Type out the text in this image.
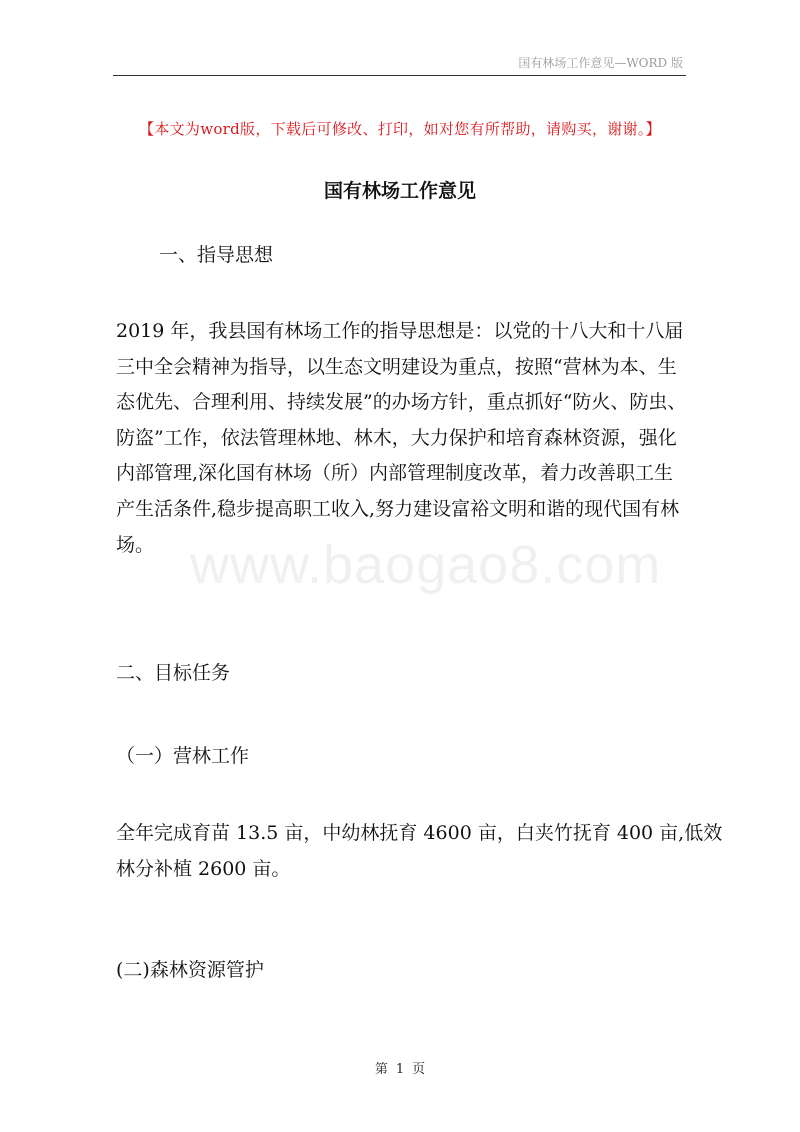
国有林场工作意见—WORD 版
【本文为word版，下载后可修改、打印，如对您有所帮助，请购买，谢谢。】
国有林场工作意见
一、指导思想
2019 年，我县国有林场工作的指导思想是：以党的十八大和十八届
三中全会精神为指导，以生态文明建设为重点，按照“营林为本、生
态优先、合理利用、持续发展”的办场方针，重点抓好“防火、防虫、
防盗”工作，依法管理林地、林木，大力保护和培育森林资源，强化
内部管理,深化国有林场（所）内部管理制度改革，着力改善职工生
产生活条件,稳步提高职工收入,努力建设富裕文明和谐的现代国有林
场。
二、目标任务
（一）营林工作
全年完成育苗 13.5 亩，中幼林抚育 4600 亩，白夹竹抚育 400 亩,低效
林分补植 2600 亩。
(二)森林资源管护
www.baogao8.com
第 1 页
